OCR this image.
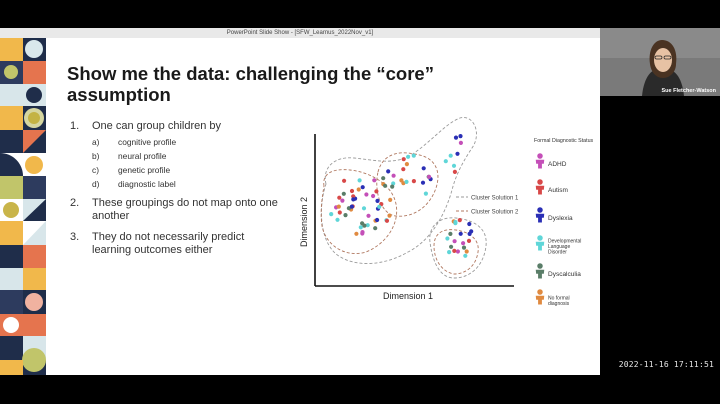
PowerPoint Slide Show - [SFW_Learnus_2022Nov_v1]
Show me the data: challenging the “core” assumption
1. One can group children by
a) cognitive profile
b) neural profile
c) genetic profile
d) diagnostic label
2. These groupings do not map onto one another
3. They do not necessarily predict learning outcomes either
Dimension 2
Dimension 1
Cluster Solution 1
Cluster Solution 2
Formal Diagnostic Status
ADHD
Autism
Dyslexia
Developmental
Language
Disorder
Dyscalculia
No formal
diagnosis
Sue Fletcher-Watson
2022-11-16 17:11:51
